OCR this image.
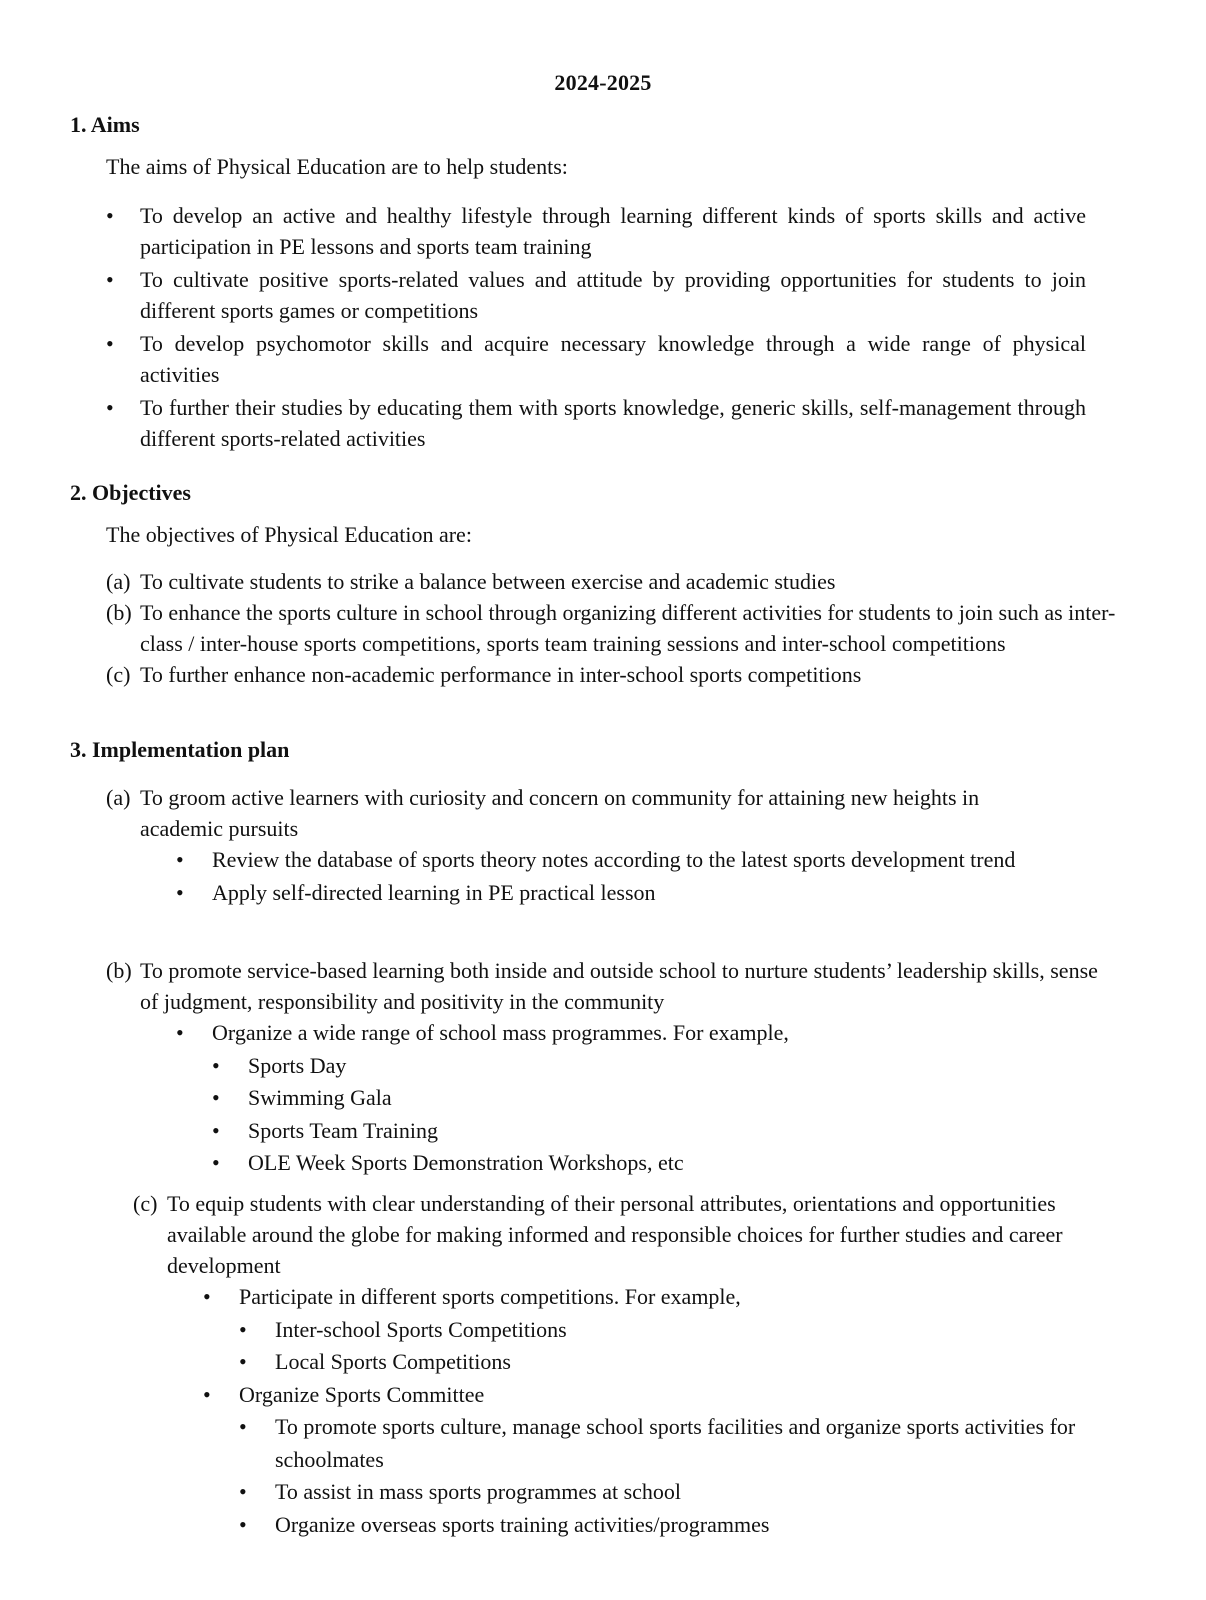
2024-2025
1. Aims
The aims of Physical Education are to help students:
• To develop an active and healthy lifestyle through learning different kinds of sports skills and active participation in PE lessons and sports team training
• To cultivate positive sports-related values and attitude by providing opportunities for students to join different sports games or competitions
• To develop psychomotor skills and acquire necessary knowledge through a wide range of physical activities
• To further their studies by educating them with sports knowledge, generic skills, self-management through different sports-related activities
2. Objectives
The objectives of Physical Education are:
(a) To cultivate students to strike a balance between exercise and academic studies
(b) To enhance the sports culture in school through organizing different activities for students to join such as inter-class / inter-house sports competitions, sports team training sessions and inter-school competitions
(c) To further enhance non-academic performance in inter-school sports competitions
3. Implementation plan
(a) To groom active learners with curiosity and concern on community for attaining new heights in academic pursuits
• Review the database of sports theory notes according to the latest sports development trend
• Apply self-directed learning in PE practical lesson
(b) To promote service-based learning both inside and outside school to nurture students’ leadership skills, sense of judgment, responsibility and positivity in the community
• Organize a wide range of school mass programmes. For example,
• Sports Day
• Swimming Gala
• Sports Team Training
• OLE Week Sports Demonstration Workshops, etc
(c) To equip students with clear understanding of their personal attributes, orientations and opportunities available around the globe for making informed and responsible choices for further studies and career development
• Participate in different sports competitions. For example,
• Inter-school Sports Competitions
• Local Sports Competitions
• Organize Sports Committee
• To promote sports culture, manage school sports facilities and organize sports activities for schoolmates
• To assist in mass sports programmes at school
• Organize overseas sports training activities/programmes
